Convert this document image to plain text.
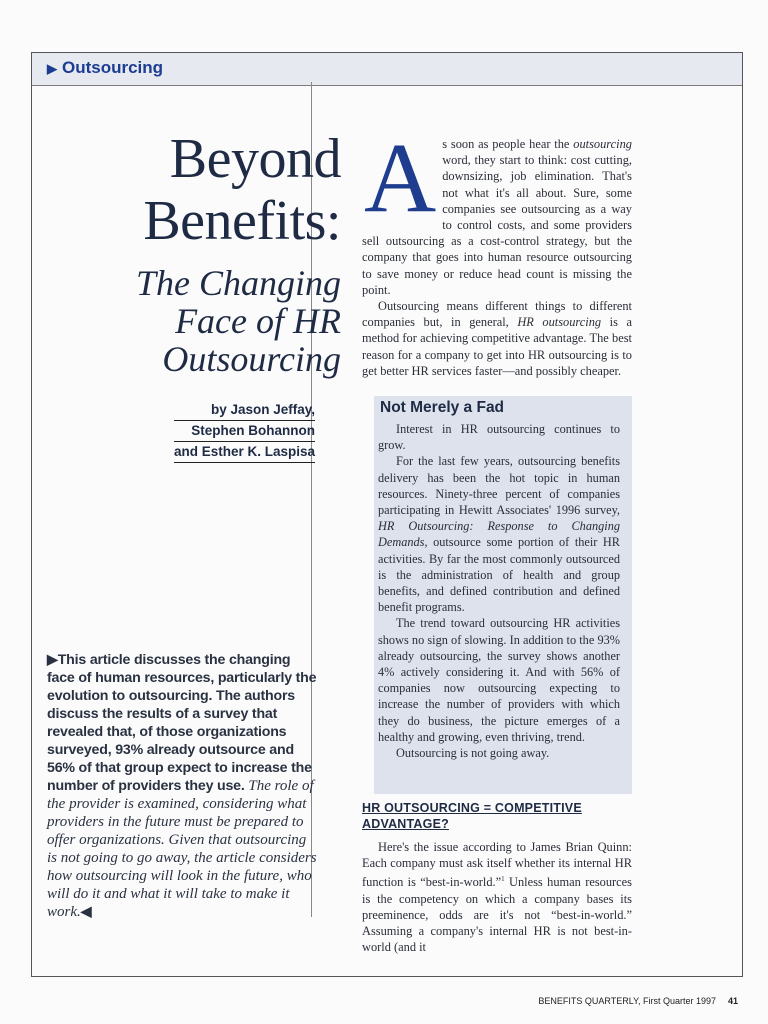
▶ Outsourcing
Beyond
Benefits:
The Changing
Face of HR
Outsourcing
by Jason Jeffay,
Stephen Bohannon
and Esther K. Laspisa
▶This article discusses the changing face of human resources, particularly the evolution to outsourcing. The authors discuss the results of a survey that revealed that, of those organizations surveyed, 93% already outsource and 56% of that group expect to increase the number of providers they use. The role of the provider is examined, considering what providers in the future must be prepared to offer organizations. Given that outsourcing is not going to go away, the article considers how outsourcing will look in the future, who will do it and what it will take to make it work.◀
A s soon as people hear the outsourcing word, they start to think: cost cutting, downsizing, job elimination. That's not what it's all about. Sure, some companies see outsourcing as a way to control costs, and some providers sell outsourcing as a cost-control strategy, but the company that goes into human resource outsourcing to save money or reduce head count is missing the point.

Outsourcing means different things to different companies but, in general, HR outsourcing is a method for achieving competitive advantage. The best reason for a company to get into HR outsourcing is to get better HR services faster—and possibly cheaper.

Not Merely a Fad

Interest in HR outsourcing continues to grow.

For the last few years, outsourcing benefits delivery has been the hot topic in human resources. Ninety-three percent of companies participating in Hewitt Associates' 1996 survey, HR Outsourcing: Response to Changing Demands, outsource some portion of their HR activities. By far the most commonly outsourced is the administration of health and group benefits, and defined contribution and defined benefit programs.

The trend toward outsourcing HR activities shows no sign of slowing. In addition to the 93% already outsourcing, the survey shows another 4% actively considering it. And with 56% of companies now outsourcing expecting to increase the number of providers with which they do business, the picture emerges of a healthy and growing, even thriving, trend.

Outsourcing is not going away.

HR OUTSOURCING = COMPETITIVE ADVANTAGE?

Here's the issue according to James Brian Quinn: Each company must ask itself whether its internal HR function is “best-in-world.”$^1$ Unless human resources is the competency on which a company bases its preeminence, odds are it's not “best-in-world.” Assuming a company's internal HR is not best-in-world (and it

BENEFITS QUARTERLY, First Quarter 1997 41
